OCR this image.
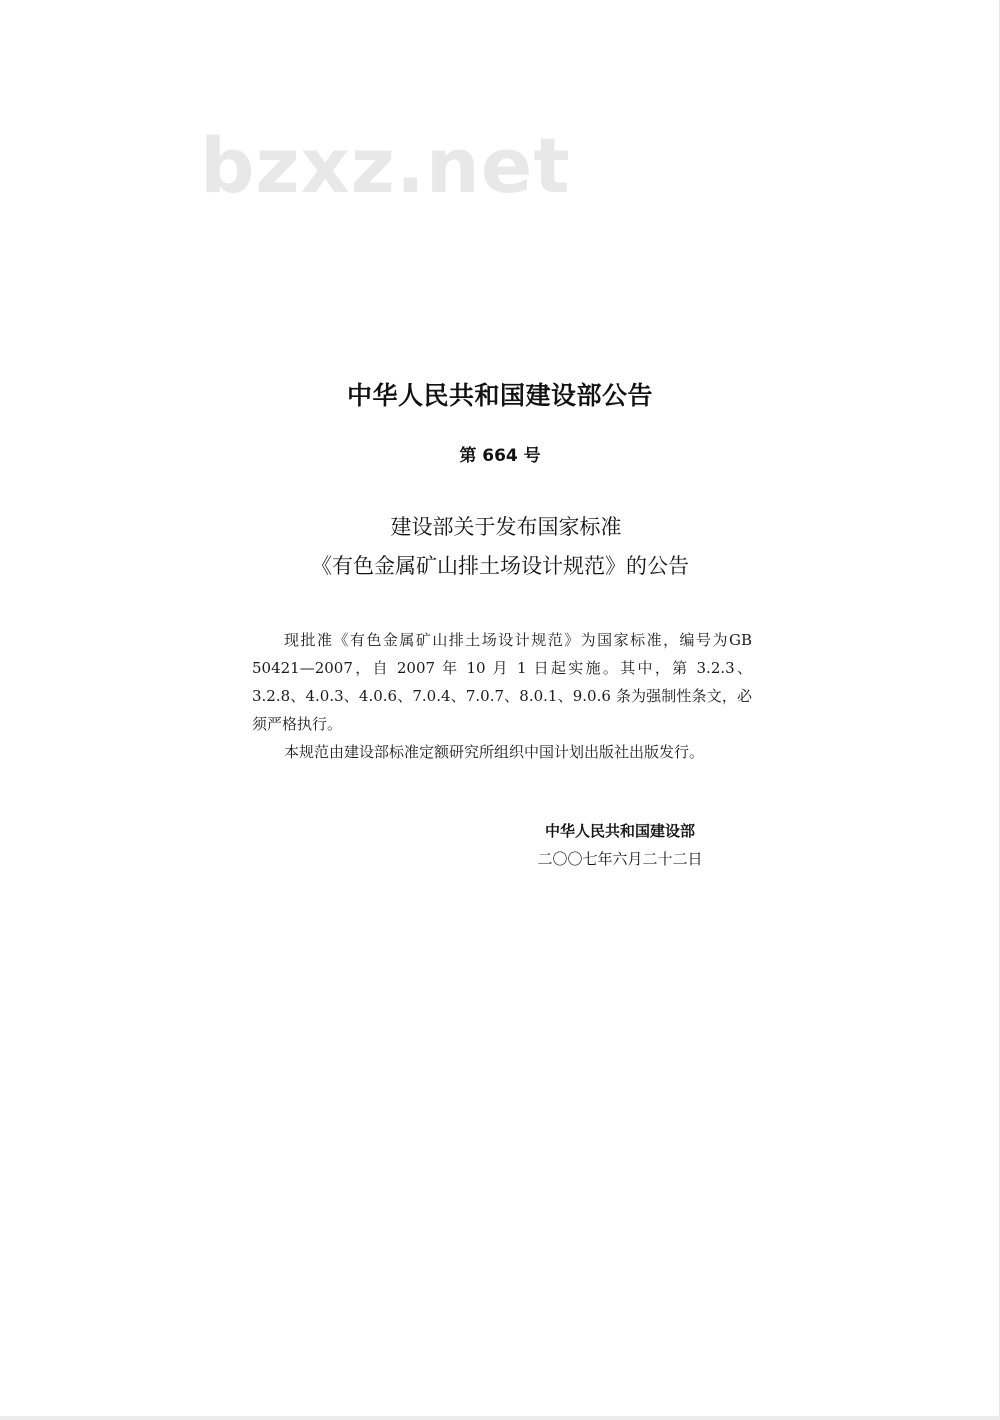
bzxz.net
中华人民共和国建设部公告
第 664 号
建设部关于发布国家标准
《有色金属矿山排土场设计规范》的公告

现批准《有色金属矿山排土场设计规范》为国家标准，编号为GB 50421—2007，自 2007 年 10 月 1 日起实施。其中，第 3.2.3、3.2.8、4.0.3、4.0.6、7.0.4、7.0.7、8.0.1、9.0.6 条为强制性条文，必须严格执行。

本规范由建设部标准定额研究所组织中国计划出版社出版发行。

中华人民共和国建设部
二〇〇七年六月二十二日
